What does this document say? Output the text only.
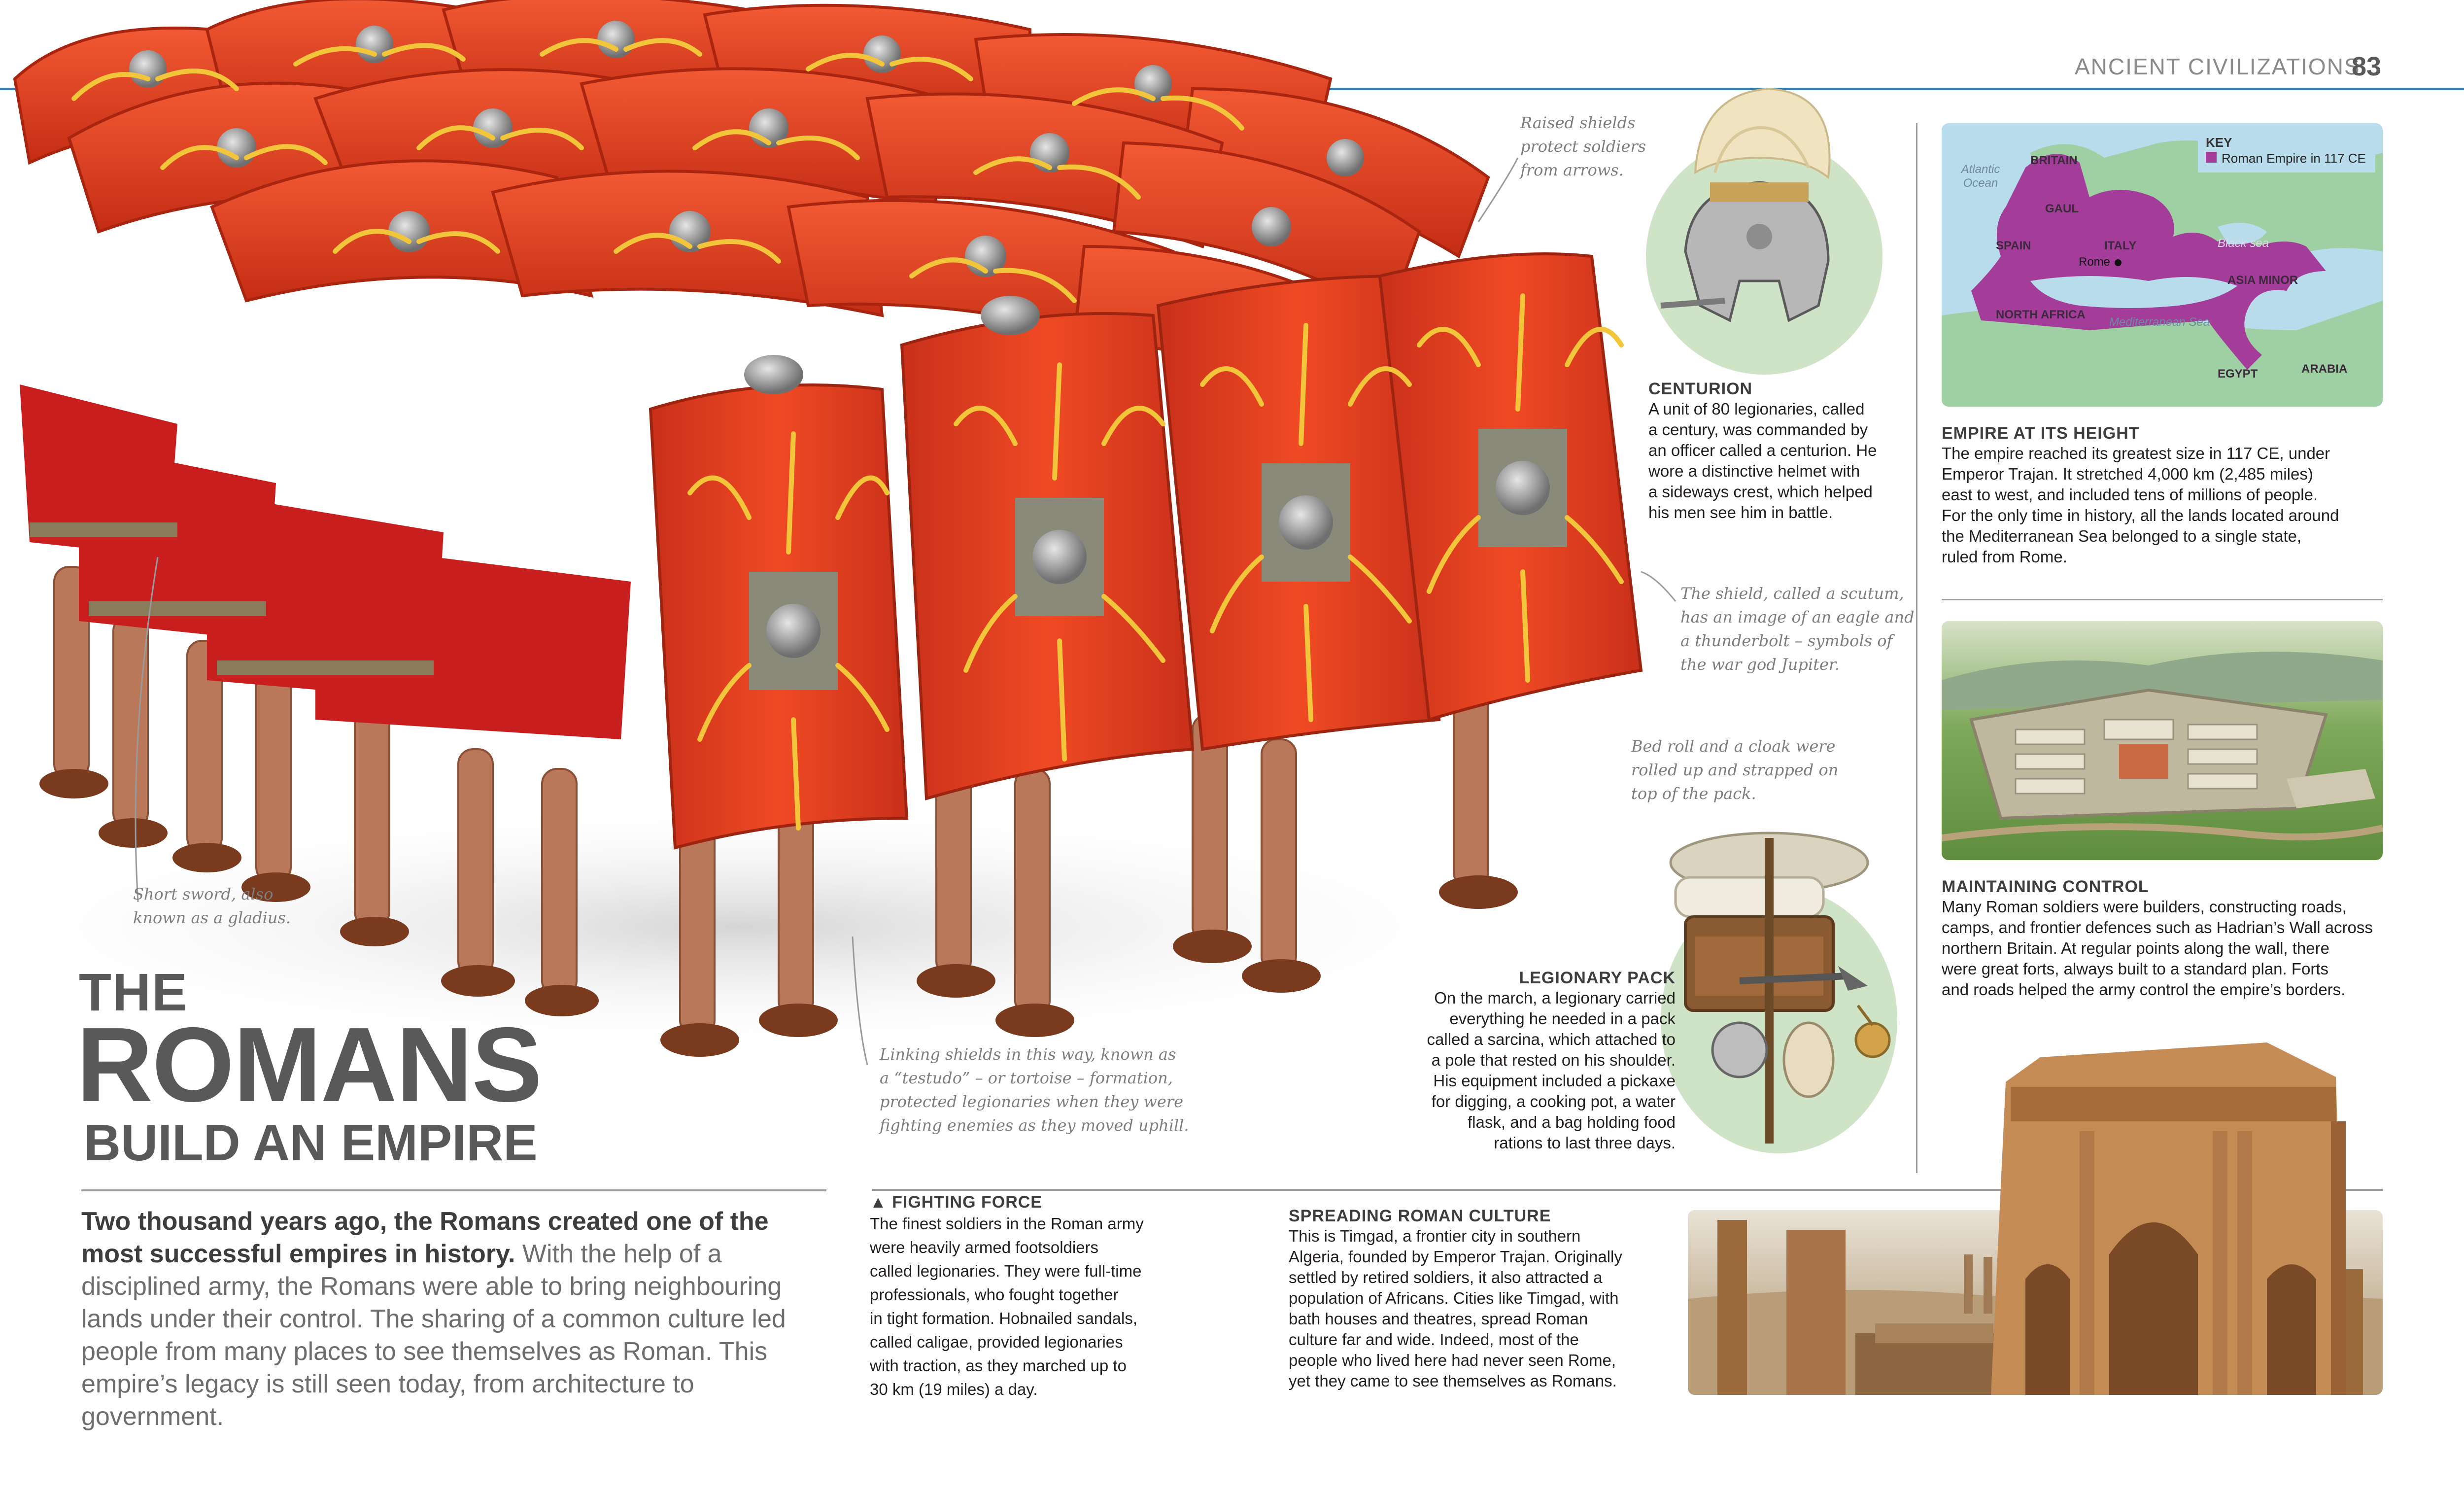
ANCIENT CIVILIZATIONS
83
Raised shields
protect soldiers
from arrows.
The shield, called a scutum,
has an image of an eagle and
a thunderbolt – symbols of
the war god Jupiter.
Bed roll and a cloak were
rolled up and strapped on
top of the pack.
Short sword, also
known as a gladius.
Linking shields in this way, known as
a “testudo” – or tortoise – formation,
protected legionaries when they were
fighting enemies as they moved uphill.
CENTURION
A unit of 80 legionaries, called
a century, was commanded by
an officer called a centurion. He
wore a distinctive helmet with
a sideways crest, which helped
his men see him in battle.
LEGIONARY PACK
On the march, a legionary carried
everything he needed in a pack
called a sarcina, which attached to
a pole that rested on his shoulder.
His equipment included a pickaxe
for digging, a cooking pot, a water
flask, and a bag holding food
rations to last three days.
THE
ROMANS
BUILD AN EMPIRE
Two thousand years ago, the Romans created one of the most successful empires in history. With the help of a disciplined army, the Romans were able to bring neighbouring lands under their control. The sharing of a common culture led people from many places to see themselves as Roman. This empire’s legacy is still seen today, from architecture to government.
▲ FIGHTING FORCE
The finest soldiers in the Roman army
were heavily armed footsoldiers
called legionaries. They were full-time
professionals, who fought together
in tight formation. Hobnailed sandals,
called caligae, provided legionaries
with traction, as they marched up to
30 km (19 miles) a day.
SPREADING ROMAN CULTURE
This is Timgad, a frontier city in southern
Algeria, founded by Emperor Trajan. Originally
settled by retired soldiers, it also attracted a
population of Africans. Cities like Timgad, with
bath houses and theatres, spread Roman
culture far and wide. Indeed, most of the
people who lived here had never seen Rome,
yet they came to see themselves as Romans.
KEY
Roman Empire in 117 CE
Atlantic Ocean
BRITAIN
GAUL
SPAIN	ITALY
Rome
Black sea
ASIA MINOR
NORTH AFRICA
Mediterranean Sea
EGYPT	ARABIA
EMPIRE AT ITS HEIGHT
The empire reached its greatest size in 117 CE, under
Emperor Trajan. It stretched 4,000 km (2,485 miles)
east to west, and included tens of millions of people.
For the only time in history, all the lands located around
the Mediterranean Sea belonged to a single state,
ruled from Rome.
MAINTAINING CONTROL
Many Roman soldiers were builders, constructing roads,
camps, and frontier defences such as Hadrian’s Wall across
northern Britain. At regular points along the wall, there
were great forts, always built to a standard plan. Forts
and roads helped the army control the empire’s borders.
